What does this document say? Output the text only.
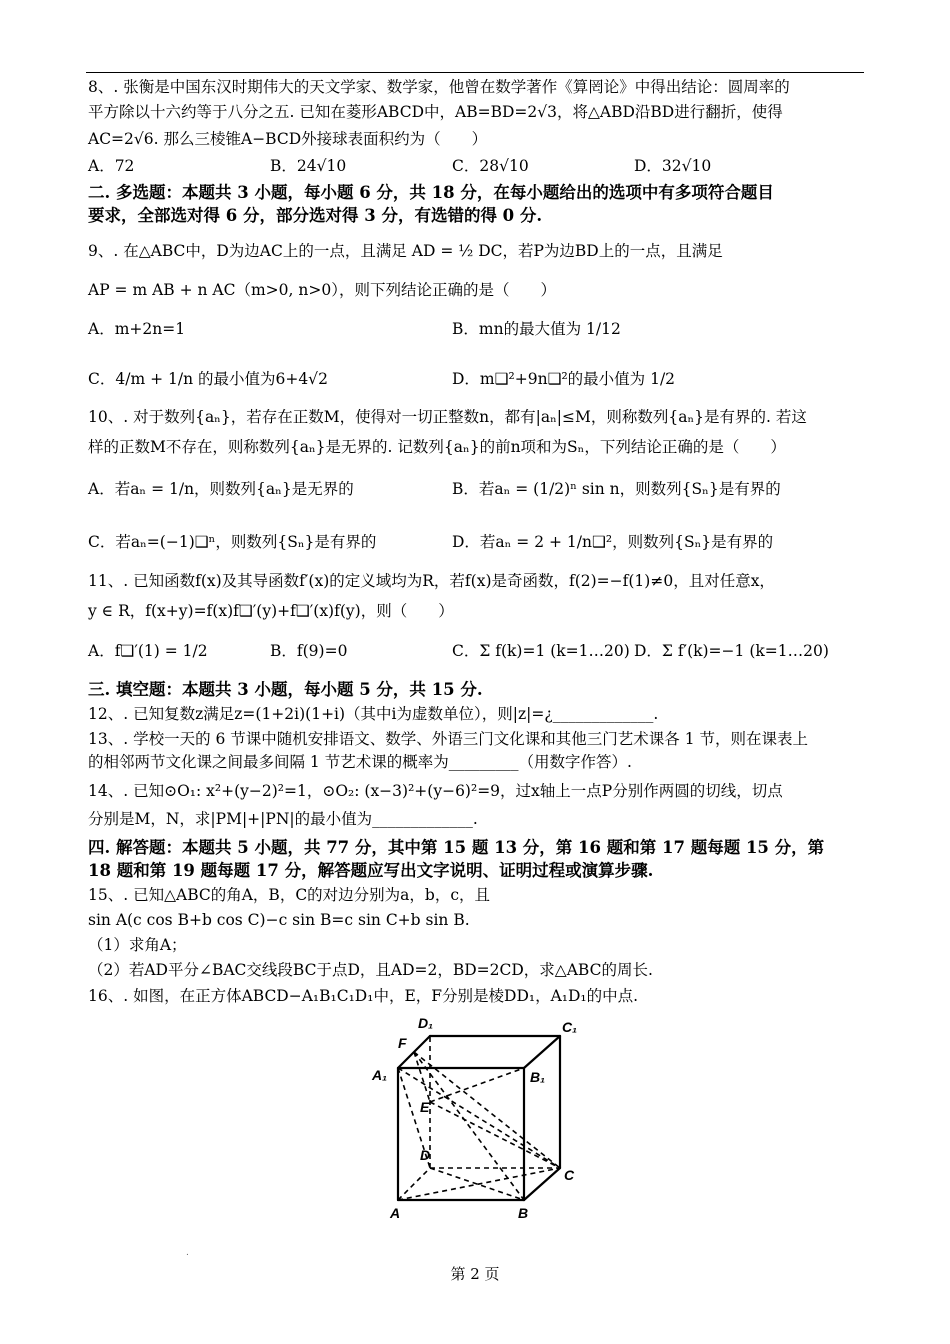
8、. 张衡是中国东汉时期伟大的天文学家、数学家，他曾在数学著作《算罔论》中得出结论：圆周率的
平方除以十六约等于八分之五. 已知在菱形ABCD中，AB=BD=2√3，将△ABD沿BD进行翻折，使得
AC=2√6. 那么三棱锥A−BCD外接球表面积约为（　　）
A．72	B．24√10	C．28√10	D．32√10
二. 多选题：本题共 3 小题，每小题 6 分，共 18 分，在每小题给出的选项中有多项符合题目
要求，全部选对得 6 分，部分选对得 3 分，有选错的得 0 分.
9、. 在△ABC中，D为边AC上的一点，且满足 AD = ½ DC，若P为边BD上的一点，且满足
AP = m AB + n AC（m>0, n>0），则下列结论正确的是（　　）
A．m+2n=1	B．mn的最大值为 1/12
C．4/m + 1/n 的最小值为6+4√2	D．m❑²+9n❑²的最小值为 1/2
10、. 对于数列{aₙ}，若存在正数M，使得对一切正整数n，都有|aₙ|≤M，则称数列{aₙ}是有界的. 若这
样的正数M不存在，则称数列{aₙ}是无界的. 记数列{aₙ}的前n项和为Sₙ，下列结论正确的是（　　）
A．若aₙ = 1/n，则数列{aₙ}是无界的	B．若aₙ = (1/2)ⁿ sin n，则数列{Sₙ}是有界的
C．若aₙ=(−1)❑ⁿ，则数列{Sₙ}是有界的	D．若aₙ = 2 + 1/n❑²，则数列{Sₙ}是有界的
11、. 已知函数f(x)及其导函数f′(x)的定义域均为R，若f(x)是奇函数，f(2)=−f(1)≠0，且对任意x，
y ∈ R，f(x+y)=f(x)f❑′(y)+f❑′(x)f(y)，则（　　）
A．f❑′(1) = 1/2	B．f(9)=0	C．Σ f(k)=1 (k=1…20) D．Σ f′(k)=−1 (k=1…20)
三. 填空题：本题共 3 小题，每小题 5 分，共 15 分.
12、. 已知复数z满足z=(1+2i)(1+i)（其中i为虚数单位），则|z|=¿_____________.
13、. 学校一天的 6 节课中随机安排语文、数学、外语三门文化课和其他三门艺术课各 1 节，则在课表上
的相邻两节文化课之间最多间隔 1 节艺术课的概率为_________（用数字作答）.
14、. 已知⊙O₁: x²+(y−2)²=1，⊙O₂: (x−3)²+(y−6)²=9，过x轴上一点P分别作两圆的切线，切点
分别是M，N，求|PM|+|PN|的最小值为_____________.
四. 解答题：本题共 5 小题，共 77 分，其中第 15 题 13 分，第 16 题和第 17 题每题 15 分，第
18 题和第 19 题每题 17 分，解答题应写出文字说明、证明过程或演算步骤.
15、. 已知△ABC的角A，B，C的对边分别为a，b，c，且
sin A(c cos B+b cos C)−c sin B=c sin C+b sin B.
（1）求角A；
（2）若AD平分∠BAC交线段BC于点D，且AD=2，BD=2CD，求△ABC的周长.
16、. 如图，在正方体ABCD−A₁B₁C₁D₁中，E，F分别是棱DD₁，A₁D₁的中点.
D₁	C₁
F
A₁	B₁
E
D
C
A	B
.
第 2 页
